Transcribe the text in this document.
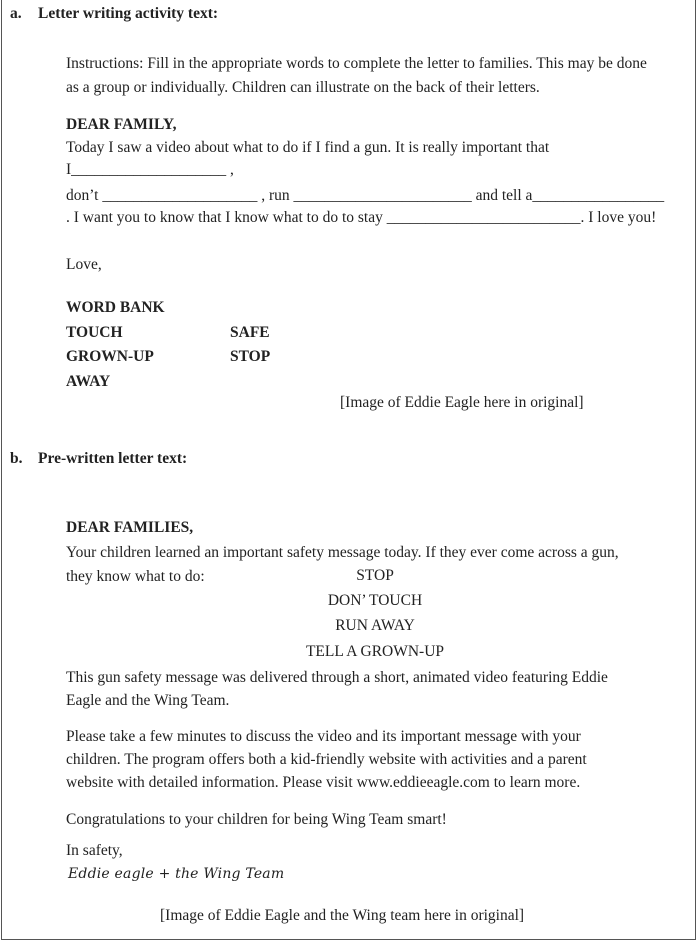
a. Letter writing activity text:
Instructions: Fill in the appropriate words to complete the letter to families. This may be done
as a group or individually. Children can illustrate on the back of their letters.
DEAR FAMILY,
Today I saw a video about what to do if I find a gun. It is really important that
I____________________ ,
don’t ____________________ , run _______________________ and tell a_________________
. I want you to know that I know what to do to stay _________________________. I love you!
Love,
WORD BANK
TOUCH	SAFE
GROWN-UP	STOP
AWAY
[Image of Eddie Eagle here in original]
b. Pre-written letter text:
DEAR FAMILIES,
Your children learned an important safety message today. If they ever come across a gun,
they know what to do:	STOP
DON’ TOUCH
RUN AWAY
TELL A GROWN-UP
This gun safety message was delivered through a short, animated video featuring Eddie
Eagle and the Wing Team.
Please take a few minutes to discuss the video and its important message with your
children. The program offers both a kid-friendly website with activities and a parent
website with detailed information. Please visit www.eddieeagle.com to learn more.
Congratulations to your children for being Wing Team smart!
In safety,
Eddie eagle + the Wing Team
[Image of Eddie Eagle and the Wing team here in original]
